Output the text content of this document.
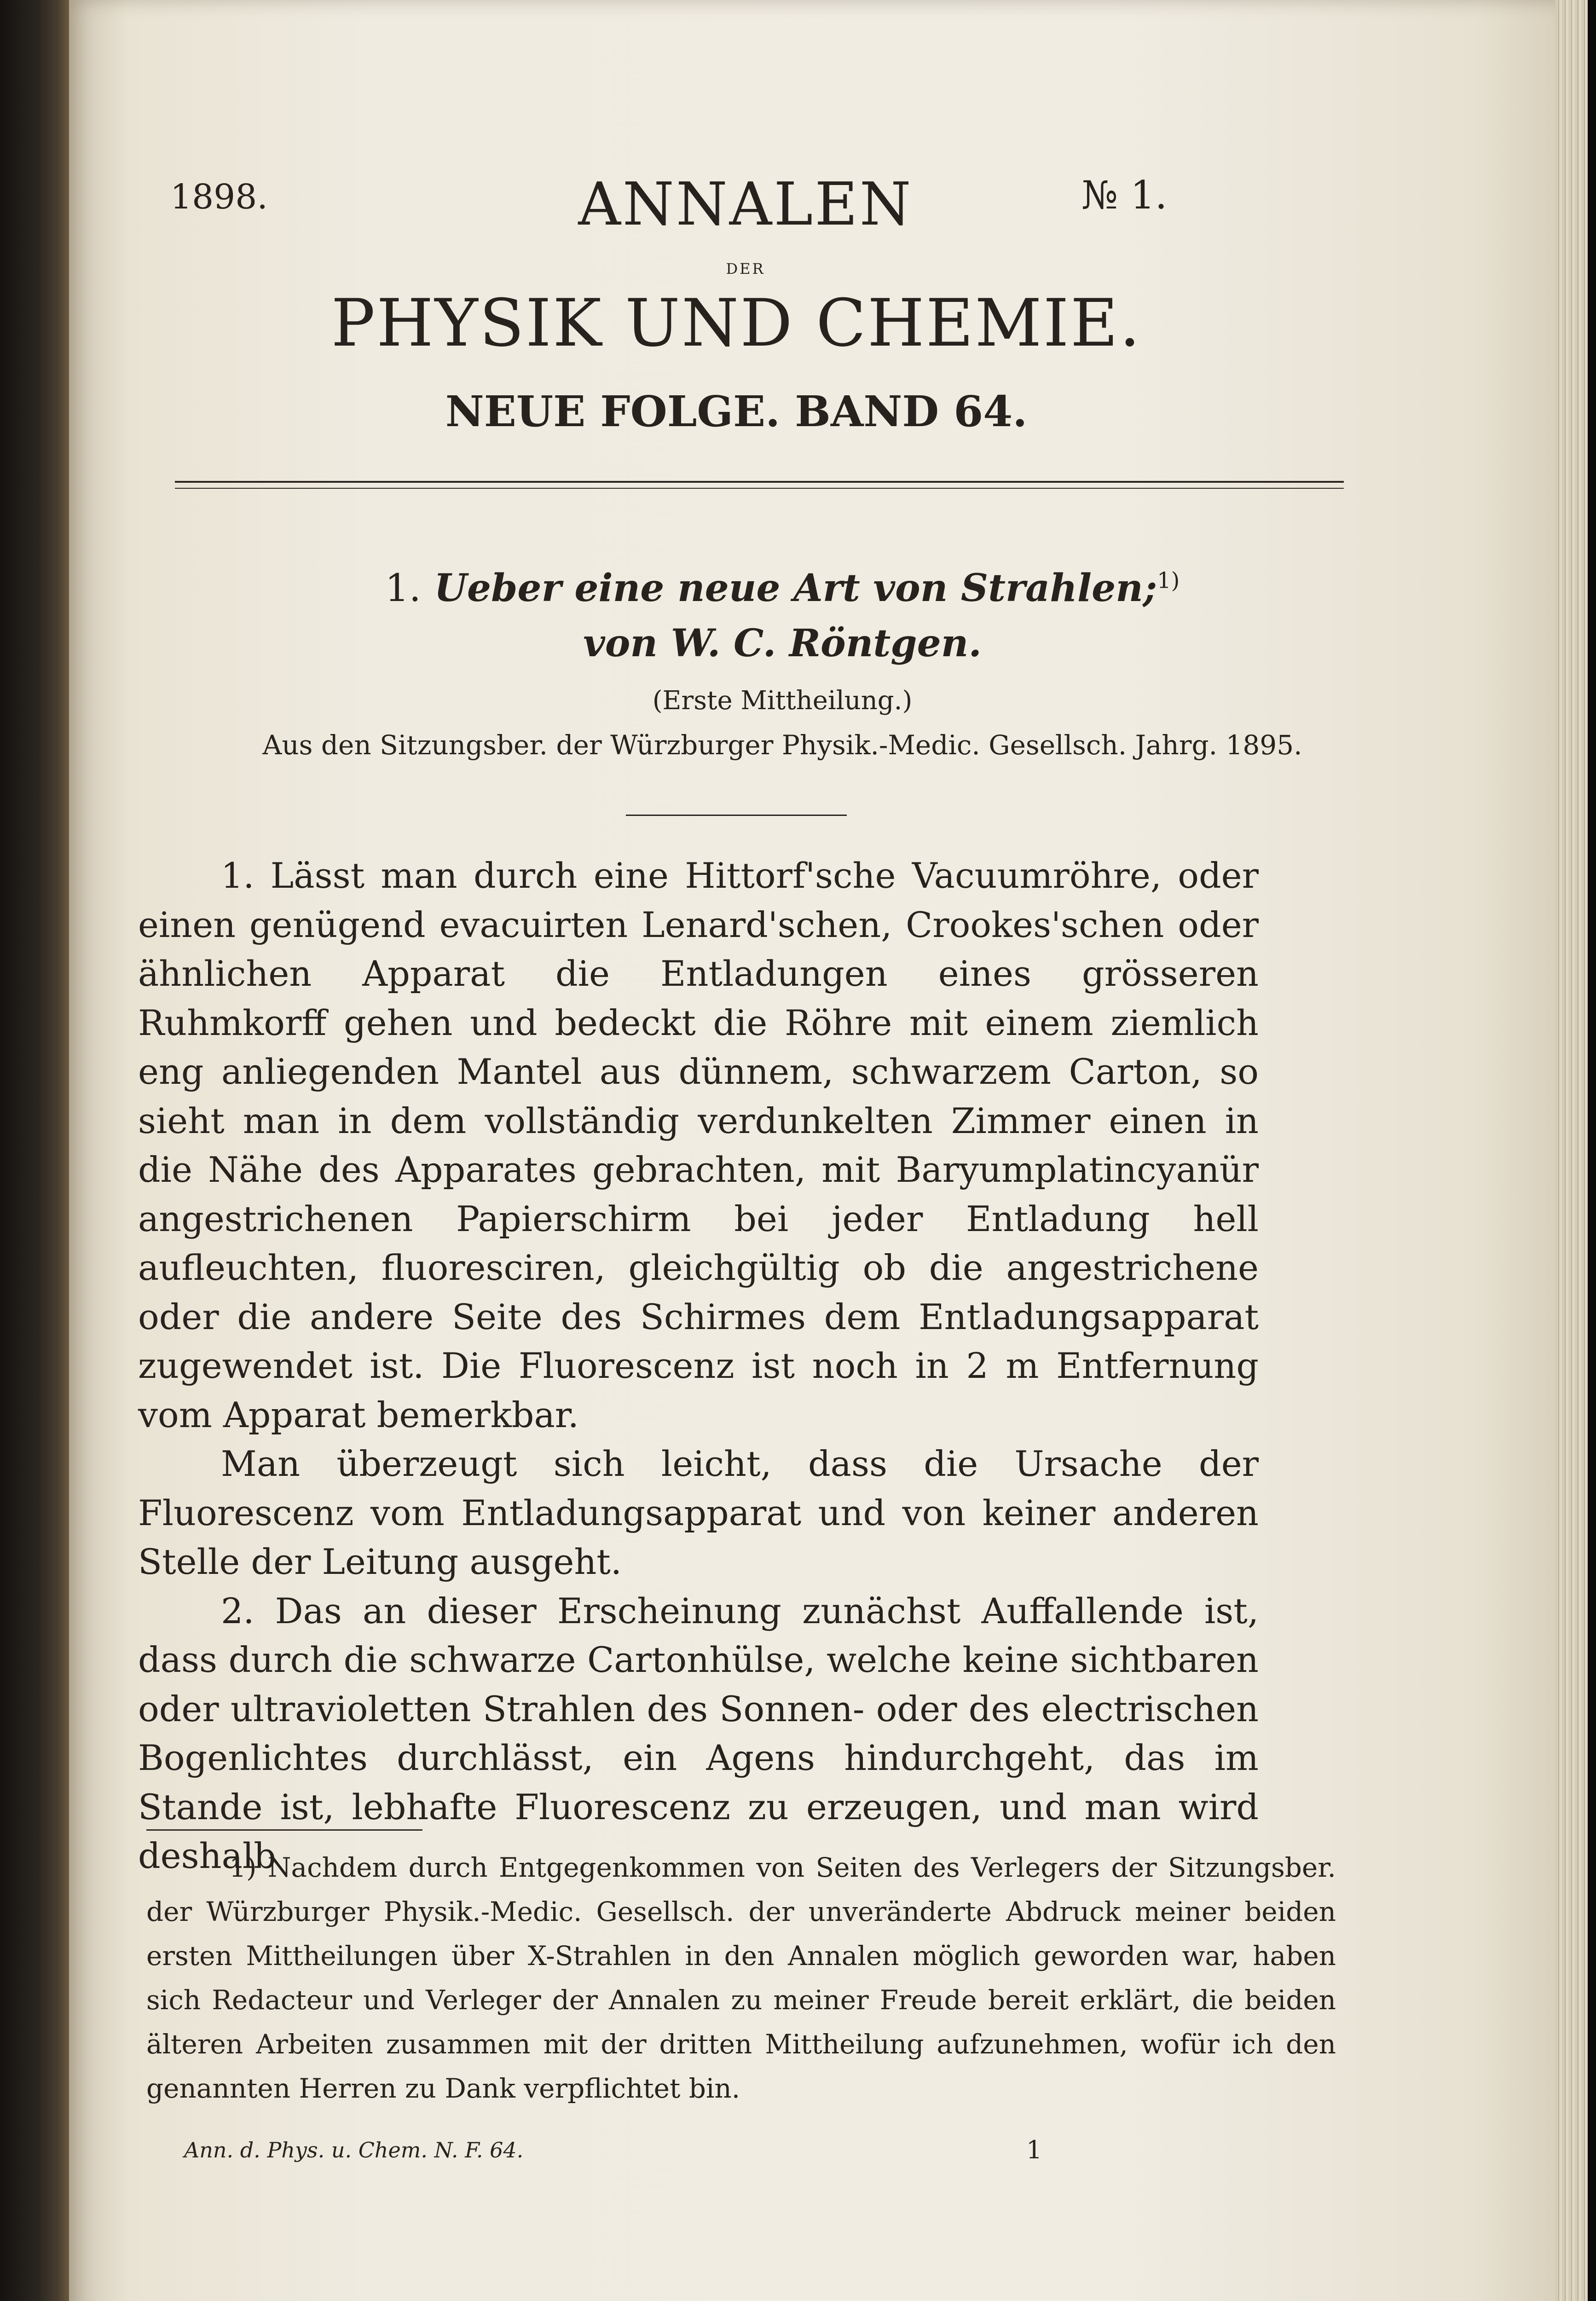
1898.	ANNALEN	№ 1.
DER
PHYSIK UND CHEMIE.
NEUE FOLGE. BAND 64.
1. Ueber eine neue Art von Strahlen;$^{1)}$
von W. C. Röntgen.
(Erste Mittheilung.)
Aus den Sitzungsber. der Würzburger Physik.-Medic. Gesellsch. Jahrg. 1895.

1. Lässt man durch eine Hittorf'sche Vacuumröhre, oder einen genügend evacuirten Lenard'schen, Crookes'schen oder ähnlichen Apparat die Entladungen eines grösseren Ruhmkorff gehen und bedeckt die Röhre mit einem ziemlich eng anliegenden Mantel aus dünnem, schwarzem Carton, so sieht man in dem vollständig verdunkelten Zimmer einen in die Nähe des Apparates gebrachten, mit Baryumplatincyanür angestrichenen Papierschirm bei jeder Entladung hell aufleuchten, fluoresciren, gleichgültig ob die angestrichene oder die andere Seite des Schirmes dem Entladungsapparat zugewendet ist. Die Fluorescenz ist noch in 2 m Entfernung vom Apparat bemerkbar.

Man überzeugt sich leicht, dass die Ursache der Fluorescenz vom Entladungsapparat und von keiner anderen Stelle der Leitung ausgeht.

2. Das an dieser Erscheinung zunächst Auffallende ist, dass durch die schwarze Cartonhülse, welche keine sichtbaren oder ultravioletten Strahlen des Sonnen- oder des electrischen Bogenlichtes durchlässt, ein Agens hindurchgeht, das im Stande ist, lebhafte Fluorescenz zu erzeugen, und man wird deshalb

1) Nachdem durch Entgegenkommen von Seiten des Verlegers der Sitzungsber. der Würzburger Physik.-Medic. Gesellsch. der unveränderte Abdruck meiner beiden ersten Mittheilungen über X-Strahlen in den Annalen möglich geworden war, haben sich Redacteur und Verleger der Annalen zu meiner Freude bereit erklärt, die beiden älteren Arbeiten zusammen mit der dritten Mittheilung aufzunehmen, wofür ich den genannten Herren zu Dank verpflichtet bin.

Ann. d. Phys. u. Chem. N. F. 64.	1
